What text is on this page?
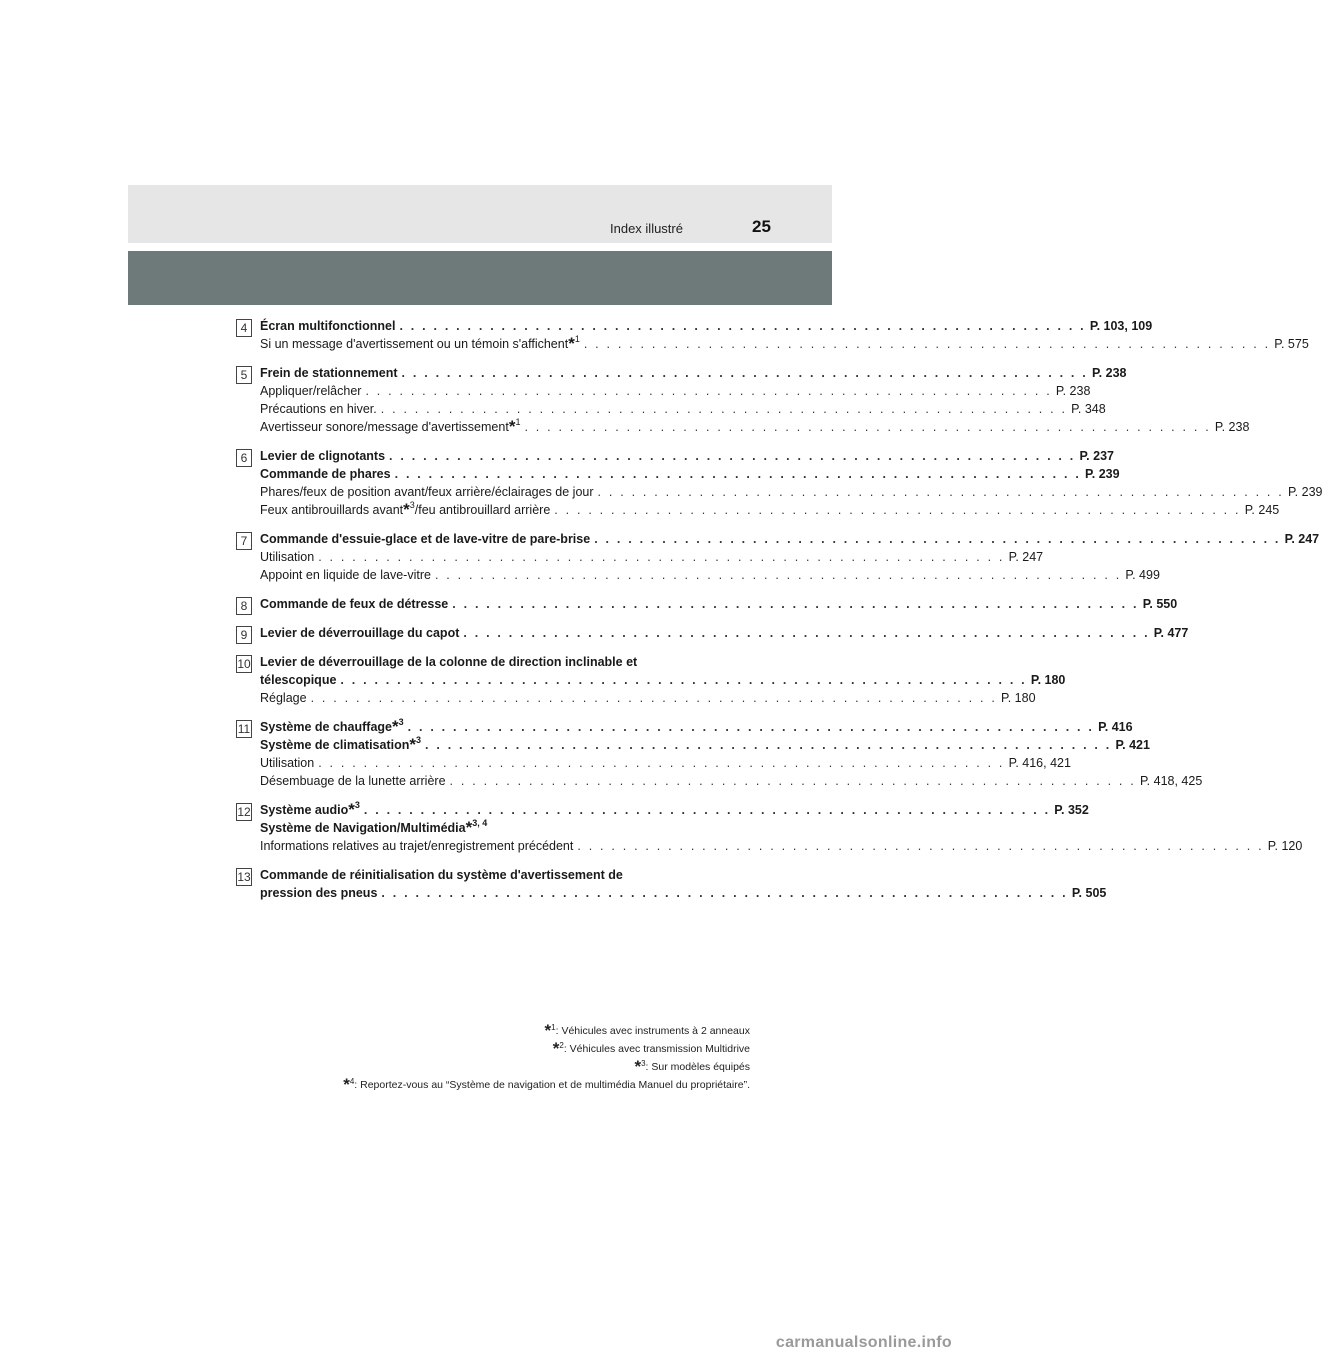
Index illustré	25
4	Écran multifonctionnel . . . . . . . . . . . . . . . . . . . . . . . . . . . . . . . . . . . . . . . . . . . . . . . . . . . . . . . . . . . . . P. 103, 109
Si un message d'avertissement ou un témoin s'affichent*$^1$ . . . . . . . . . . . . . . . . . . . . . . . . . . . . . . . . . . . . . . . . . . . . . . . . . . . . . . . . . . . . . P. 575
5	Frein de stationnement . . . . . . . . . . . . . . . . . . . . . . . . . . . . . . . . . . . . . . . . . . . . . . . . . . . . . . . . . . . . . P. 238
Appliquer/relâcher . . . . . . . . . . . . . . . . . . . . . . . . . . . . . . . . . . . . . . . . . . . . . . . . . . . . . . . . . . . . . P. 238
Précautions en hiver. . . . . . . . . . . . . . . . . . . . . . . . . . . . . . . . . . . . . . . . . . . . . . . . . . . . . . . . . . . . . . P. 348
Avertisseur sonore/message d'avertissement*$^1$ . . . . . . . . . . . . . . . . . . . . . . . . . . . . . . . . . . . . . . . . . . . . . . . . . . . . . . . . . . . . . P. 238
6	Levier de clignotants . . . . . . . . . . . . . . . . . . . . . . . . . . . . . . . . . . . . . . . . . . . . . . . . . . . . . . . . . . . . . P. 237
Commande de phares . . . . . . . . . . . . . . . . . . . . . . . . . . . . . . . . . . . . . . . . . . . . . . . . . . . . . . . . . . . . . P. 239
Phares/feux de position avant/feux arrière/éclairages de jour . . . . . . . . . . . . . . . . . . . . . . . . . . . . . . . . . . . . . . . . . . . . . . . . . . . . . . . . . . . . . P. 239
Feux antibrouillards avant*$^3$/feu antibrouillard arrière . . . . . . . . . . . . . . . . . . . . . . . . . . . . . . . . . . . . . . . . . . . . . . . . . . . . . . . . . . . . . P. 245
7	Commande d'essuie-glace et de lave-vitre de pare-brise . . . . . . . . . . . . . . . . . . . . . . . . . . . . . . . . . . . . . . . . . . . . . . . . . . . . . . . . . . . . . P. 247
Utilisation . . . . . . . . . . . . . . . . . . . . . . . . . . . . . . . . . . . . . . . . . . . . . . . . . . . . . . . . . . . . . P. 247
Appoint en liquide de lave-vitre . . . . . . . . . . . . . . . . . . . . . . . . . . . . . . . . . . . . . . . . . . . . . . . . . . . . . . . . . . . . . P. 499
8	Commande de feux de détresse . . . . . . . . . . . . . . . . . . . . . . . . . . . . . . . . . . . . . . . . . . . . . . . . . . . . . . . . . . . . . P. 550
9	Levier de déverrouillage du capot . . . . . . . . . . . . . . . . . . . . . . . . . . . . . . . . . . . . . . . . . . . . . . . . . . . . . . . . . . . . . P. 477
10 Levier de déverrouillage de la colonne de direction inclinable et
télescopique . . . . . . . . . . . . . . . . . . . . . . . . . . . . . . . . . . . . . . . . . . . . . . . . . . . . . . . . . . . . . P. 180
Réglage . . . . . . . . . . . . . . . . . . . . . . . . . . . . . . . . . . . . . . . . . . . . . . . . . . . . . . . . . . . . . P. 180
11 Système de chauffage*$^3$ . . . . . . . . . . . . . . . . . . . . . . . . . . . . . . . . . . . . . . . . . . . . . . . . . . . . . . . . . . . . . P. 416
Système de climatisation*$^3$ . . . . . . . . . . . . . . . . . . . . . . . . . . . . . . . . . . . . . . . . . . . . . . . . . . . . . . . . . . . . . P. 421
Utilisation . . . . . . . . . . . . . . . . . . . . . . . . . . . . . . . . . . . . . . . . . . . . . . . . . . . . . . . . . . . . . P. 416, 421
Désembuage de la lunette arrière . . . . . . . . . . . . . . . . . . . . . . . . . . . . . . . . . . . . . . . . . . . . . . . . . . . . . . . . . . . . . P. 418, 425
12 Système audio*$^3$ . . . . . . . . . . . . . . . . . . . . . . . . . . . . . . . . . . . . . . . . . . . . . . . . . . . . . . . . . . . . . P. 352
Système de Navigation/Multimédia*$^{3, 4}$
Informations relatives au trajet/enregistrement précédent . . . . . . . . . . . . . . . . . . . . . . . . . . . . . . . . . . . . . . . . . . . . . . . . . . . . . . . . . . . . . P. 120
13 Commande de réinitialisation du système d'avertissement de
pression des pneus . . . . . . . . . . . . . . . . . . . . . . . . . . . . . . . . . . . . . . . . . . . . . . . . . . . . . . . . . . . . . P. 505
*$^1$: Véhicules avec instruments à 2 anneaux
*$^2$: Véhicules avec transmission Multidrive
*$^3$: Sur modèles équipés
*$^4$: Reportez-vous au “Système de navigation et de multimédia Manuel du propriétaire”.
carmanualsonline.info
